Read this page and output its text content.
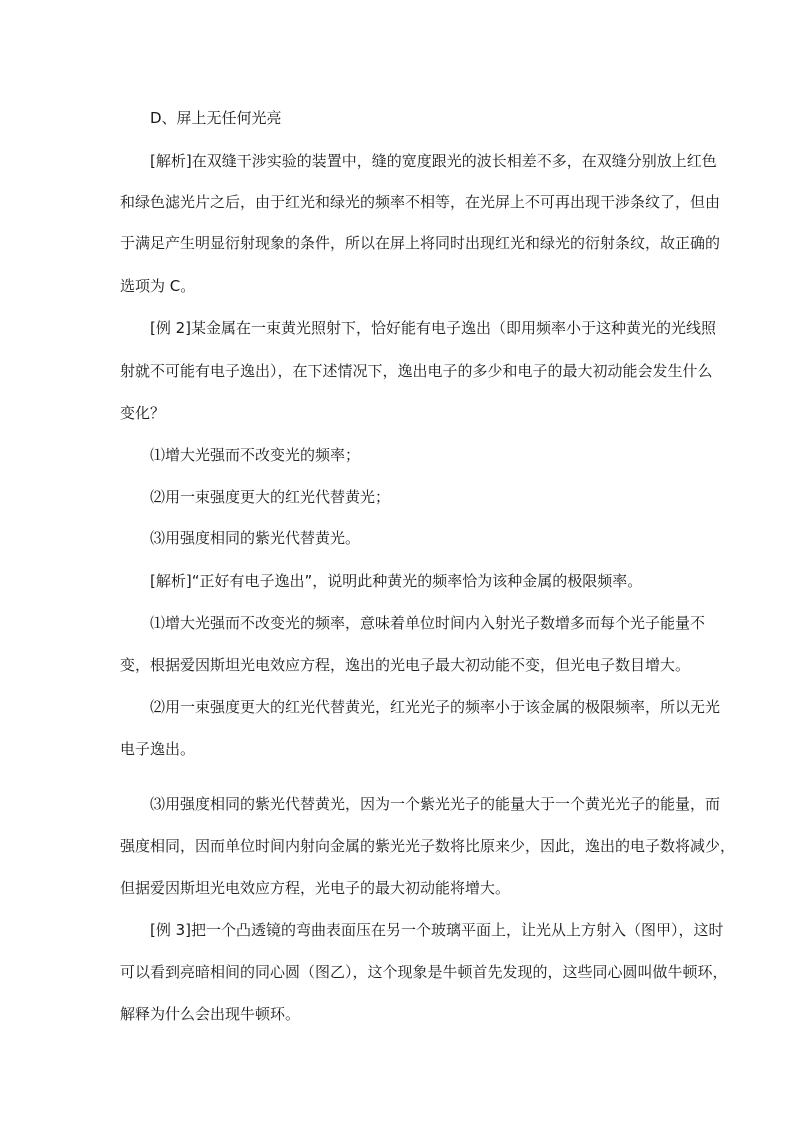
D、屏上无任何光亮
[解析]在双缝干涉实验的装置中，缝的宽度跟光的波长相差不多，在双缝分别放上红色
和绿色滤光片之后，由于红光和绿光的频率不相等，在光屏上不可再出现干涉条纹了，但由
于满足产生明显衍射现象的条件，所以在屏上将同时出现红光和绿光的衍射条纹，故正确的
选项为 C。
[例 2]某金属在一束黄光照射下，恰好能有电子逸出（即用频率小于这种黄光的光线照
射就不可能有电子逸出），在下述情况下，逸出电子的多少和电子的最大初动能会发生什么
变化？
⑴增大光强而不改变光的频率；
⑵用一束强度更大的红光代替黄光；
⑶用强度相同的紫光代替黄光。
[解析]“正好有电子逸出”，说明此种黄光的频率恰为该种金属的极限频率。
⑴增大光强而不改变光的频率，意味着单位时间内入射光子数增多而每个光子能量不
变，根据爱因斯坦光电效应方程，逸出的光电子最大初动能不变，但光电子数目增大。
⑵用一束强度更大的红光代替黄光，红光光子的频率小于该金属的极限频率，所以无光
电子逸出。
⑶用强度相同的紫光代替黄光，因为一个紫光光子的能量大于一个黄光光子的能量，而
强度相同，因而单位时间内射向金属的紫光光子数将比原来少，因此，逸出的电子数将减少，
但据爱因斯坦光电效应方程，光电子的最大初动能将增大。
[例 3]把一个凸透镜的弯曲表面压在另一个玻璃平面上，让光从上方射入（图甲），这时
可以看到亮暗相间的同心圆（图乙），这个现象是牛顿首先发现的，这些同心圆叫做牛顿环，
解释为什么会出现牛顿环。
